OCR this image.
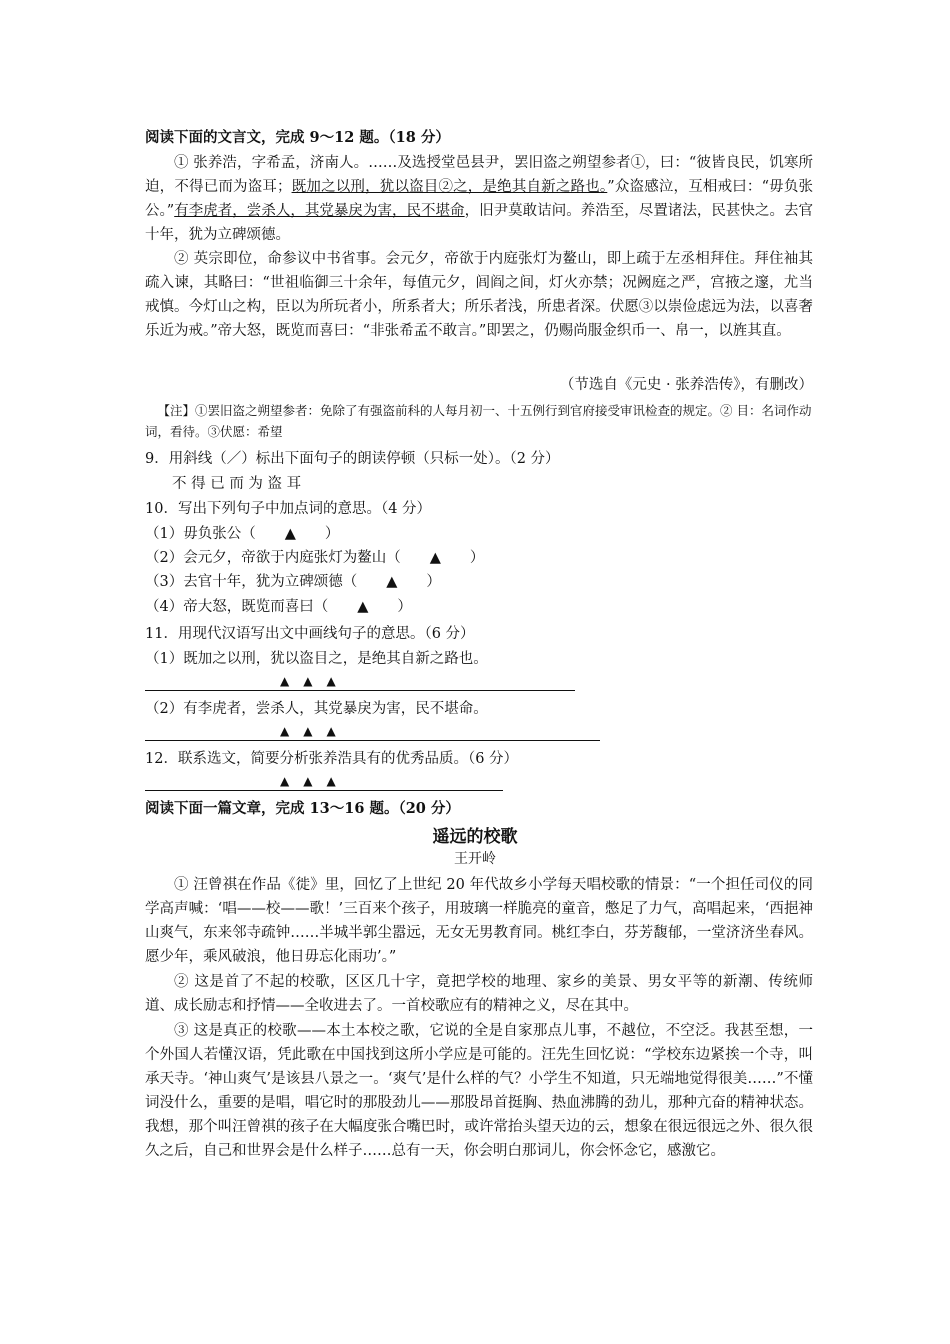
阅读下面的文言文，完成 9～12 题。（18 分）
① 张养浩，字希孟，济南人。……及选授堂邑县尹，罢旧盗之朔望参者①，曰：“彼皆良民，饥寒所迫，不得已而为盗耳；既加之以刑，犹以盗目②之，是绝其自新之路也。”众盗感泣，互相戒曰：“毋负张公。”有李虎者，尝杀人，其党暴戾为害，民不堪命，旧尹莫敢诘问。养浩至，尽置诸法，民甚快之。去官十年，犹为立碑颂德。
② 英宗即位，命参议中书省事。会元夕，帝欲于内庭张灯为鳌山，即上疏于左丞相拜住。拜住袖其疏入谏，其略曰：“世祖临御三十余年，每值元夕，闾阎之间，灯火亦禁；况阙庭之严，宫掖之邃，尤当戒慎。今灯山之构，臣以为所玩者小，所系者大；所乐者浅，所患者深。伏愿③以崇俭虑远为法，以喜奢乐近为戒。”帝大怒，既览而喜曰：“非张希孟不敢言。”即罢之，仍赐尚服金织币一、帛一，以旌其直。
（节选自《元史 · 张养浩传》，有删改）
【注】①罢旧盗之朔望参者：免除了有强盗前科的人每月初一、十五例行到官府接受审讯检查的规定。② 目：名词作动词，看待。③伏愿：希望
9．用斜线（／）标出下面句子的朗读停顿（只标一处）。（2 分）
不 得 已 而 为 盗 耳
10．写出下列句子中加点词的意思。（4 分）
（1）毋负张公（　　▲　　）
（2）会元夕，帝欲于内庭张灯为鳌山（　　▲　　）
（3）去官十年，犹为立碑颂德（　　▲　　）
（4）帝大怒，既览而喜曰（　　▲　　）
11．用现代汉语写出文中画线句子的意思。（6 分）
（1）既加之以刑，犹以盗目之，是绝其自新之路也。
▲▲▲
（2）有李虎者，尝杀人，其党暴戾为害，民不堪命。
▲▲▲
12．联系选文，简要分析张养浩具有的优秀品质。（6 分）
▲▲▲
阅读下面一篇文章，完成 13～16 题。（20 分）
遥远的校歌
王开岭
① 汪曾祺在作品《徙》里，回忆了上世纪 20 年代故乡小学每天唱校歌的情景：“一个担任司仪的同学高声喊：‘唱——校——歌！’三百来个孩子，用玻璃一样脆亮的童音，憋足了力气，高唱起来，‘西挹神山爽气，东来邻寺疏钟……半城半郭尘嚣远，无女无男教育同。桃红李白，芬芳馥郁，一堂济济坐春风。愿少年，乘风破浪，他日毋忘化雨功’。”
② 这是首了不起的校歌，区区几十字，竟把学校的地理、家乡的美景、男女平等的新潮、传统师道、成长励志和抒情——全收进去了。一首校歌应有的精神之义，尽在其中。
③ 这是真正的校歌——本土本校之歌，它说的全是自家那点儿事，不越位，不空泛。我甚至想，一个外国人若懂汉语，凭此歌在中国找到这所小学应是可能的。汪先生回忆说：“学校东边紧挨一个寺，叫承天寺。‘神山爽气’是该县八景之一。‘爽气’是什么样的气？小学生不知道，只无端地觉得很美……”不懂词没什么，重要的是唱，唱它时的那股劲儿——那股昂首挺胸、热血沸腾的劲儿，那种亢奋的精神状态。我想，那个叫汪曾祺的孩子在大幅度张合嘴巴时，或许常抬头望天边的云，想象在很远很远之外、很久很久之后，自己和世界会是什么样子……总有一天，你会明白那词儿，你会怀念它，感激它。
